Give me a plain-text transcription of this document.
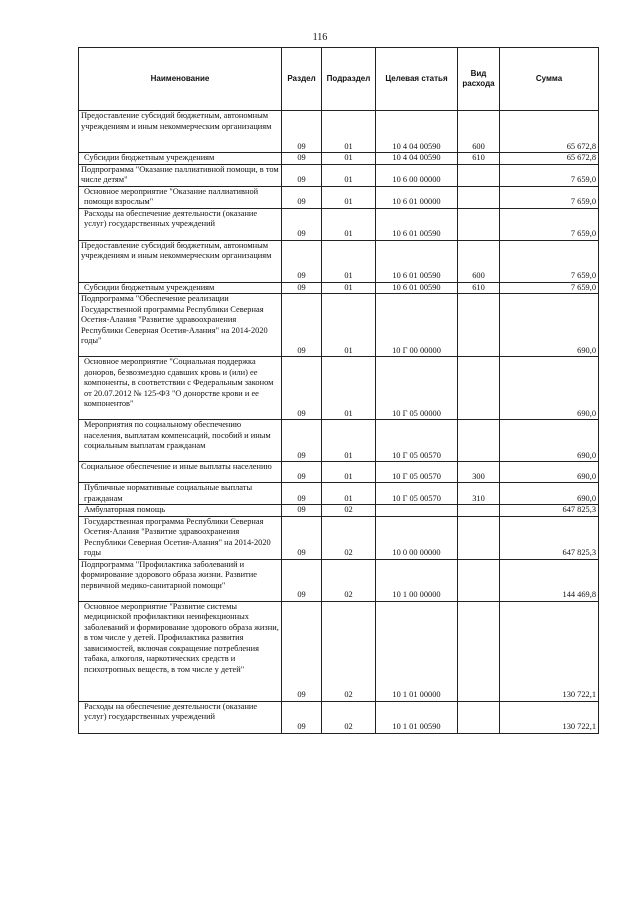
116
Наименование	Раздел	Подраздел	Целевая статья	Вид расхода	Сумма
Предоставление субсидий бюджетным, автономным учреждениям и иным некоммерческим организациям	09	01	10 4 04 00590	600	65 672,8
Субсидии бюджетным учреждениям	09	01	10 4 04 00590	610	65 672,8
Подпрограмма "Оказание паллиативной помощи, в том числе детям"	09	01	10 6 00 00000		7 659,0
Основное мероприятие "Оказание паллиативной помощи взрослым"	09	01	10 6 01 00000		7 659,0
Расходы на обеспечение деятельности (оказание услуг) государственных учреждений	09	01	10 6 01 00590		7 659,0
Предоставление субсидий бюджетным, автономным учреждениям и иным некоммерческим организациям	09	01	10 6 01 00590	600	7 659,0
Субсидии бюджетным учреждениям	09	01	10 6 01 00590	610	7 659,0
Подпрограмма "Обеспечение реализации Государственной программы Республики Северная Осетия-Алания "Развитие здравоохранения Республики Северная Осетия-Алания" на 2014-2020 годы"	09	01	10 Г 00 00000		690,0
Основное мероприятие "Социальная поддержка доноров, безвозмездно сдавших кровь и (или) ее компоненты, в соответствии с Федеральным законом от 20.07.2012 № 125-ФЗ "О донорстве крови и ее компонентов"	09	01	10 Г 05 00000		690,0
Мероприятия по социальному обеспечению населения, выплатам компенсаций, пособий и иным социальным выплатам гражданам	09	01	10 Г 05 00570		690,0
Социальное обеспечение и иные выплаты населению	09	01	10 Г 05 00570	300	690,0
Публичные нормативные социальные выплаты гражданам	09	01	10 Г 05 00570	310	690,0
Амбулаторная помощь	09	02			647 825,3
Государственная программа Республики Северная Осетия-Алания "Развитие здравоохранения Республики Северная Осетия-Алания" на 2014-2020 годы	09	02	10 0 00 00000		647 825,3
Подпрограмма "Профилактика заболеваний и формирование здорового образа жизни. Развитие первичной медико-санитарной помощи"	09	02	10 1 00 00000		144 469,8
Основное мероприятие "Развитие системы медицинской профилактики неинфекционных заболеваний и формирование здорового образа жизни, в том числе у детей. Профилактика развития зависимостей, включая сокращение потребления табака, алкоголя, наркотических средств и психотропных веществ, в том числе у детей"	09	02	10 1 01 00000		130 722,1
Расходы на обеспечение деятельности (оказание услуг) государственных учреждений	09	02	10 1 01 00590		130 722,1
